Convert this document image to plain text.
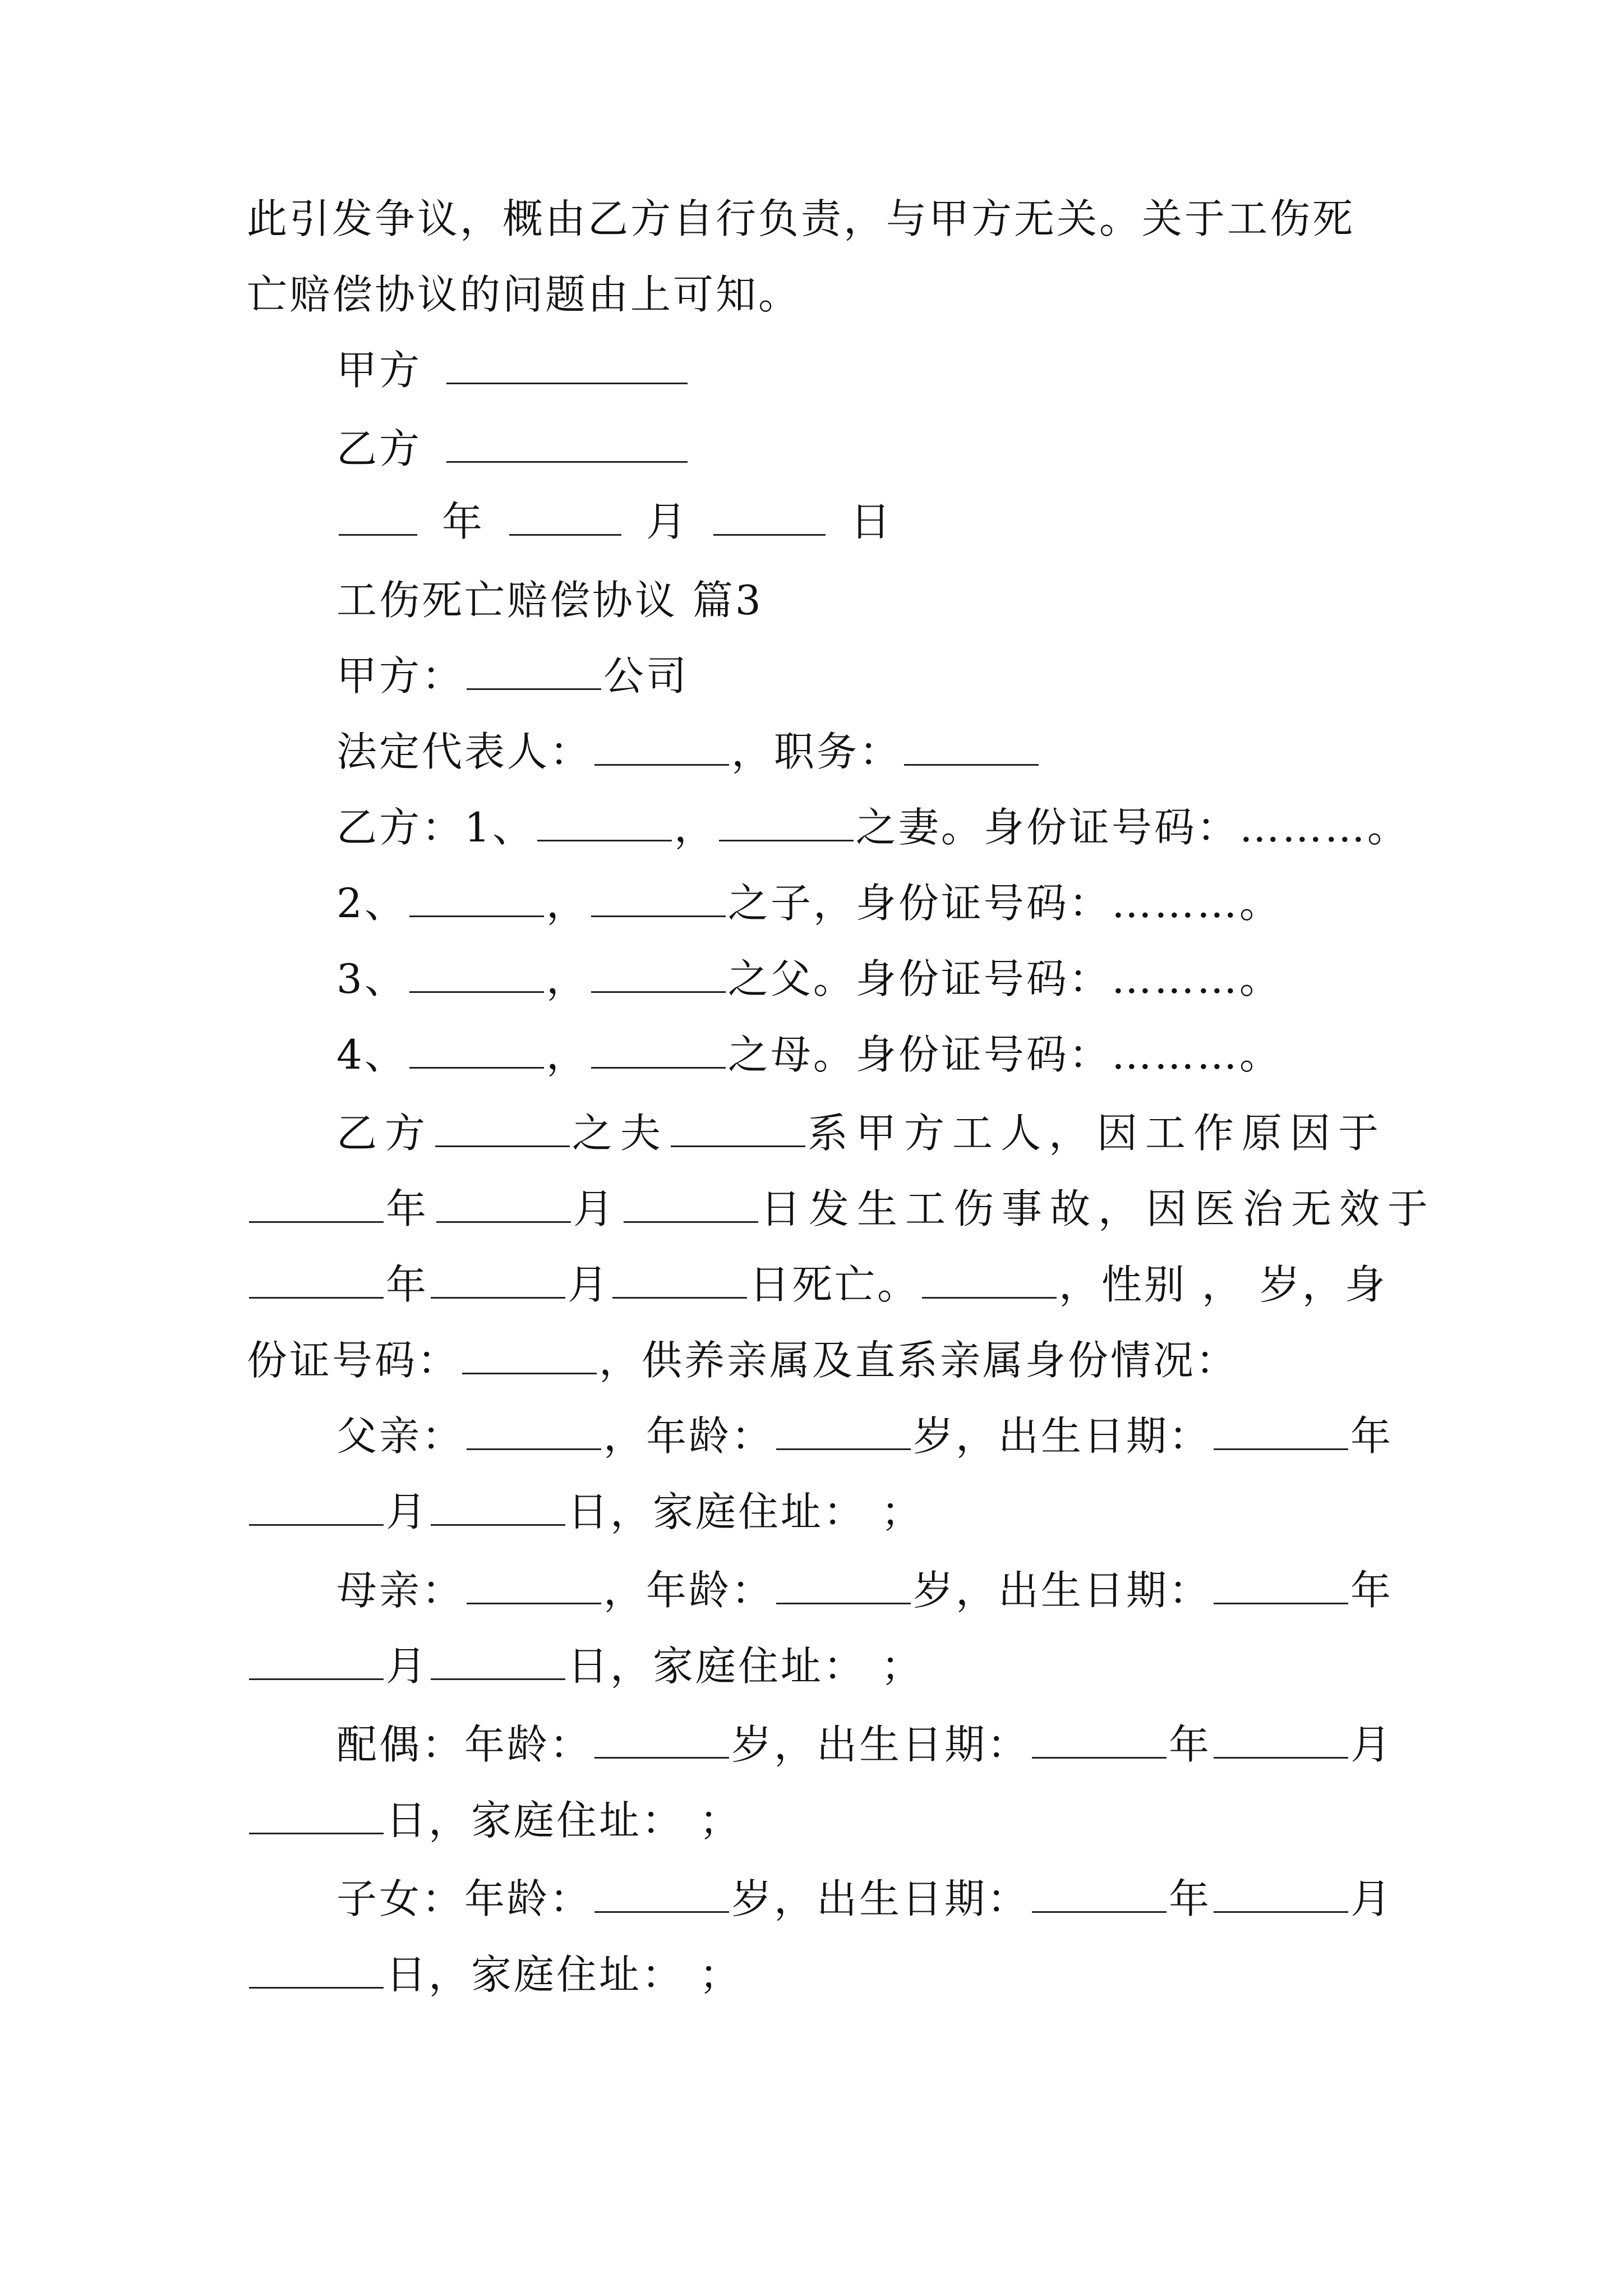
此引发争议，概由乙方自行负责，与甲方无关。关于工伤死
亡赔偿协议的问题由上可知。
甲方
乙方
年	月	日
工伤死亡赔偿协议 篇3
甲方：	公司
法定代表人：	，职务：
乙方：1、	，	之妻。身份证号码：………。
2、	，	之子，身份证号码：………。
3、	，	之父。身份证号码：………。
4、	，	之母。身份证号码：………。
乙方	之夫	系甲方工人，因工作原因于
年	月	日发生工伤事故，因医治无效于
年	月	日死亡。	，性别 ， 岁，身
份证号码：	，供养亲属及直系亲属身份情况：
父亲：	，年龄：	岁，出生日期：	年
月	日，家庭住址： ；
母亲：	，年龄：	岁，出生日期：	年
月	日，家庭住址： ；
配偶：年龄：	岁，出生日期：	年	月
日，家庭住址： ；
子女：年龄：	岁，出生日期：	年	月
日，家庭住址： ；
